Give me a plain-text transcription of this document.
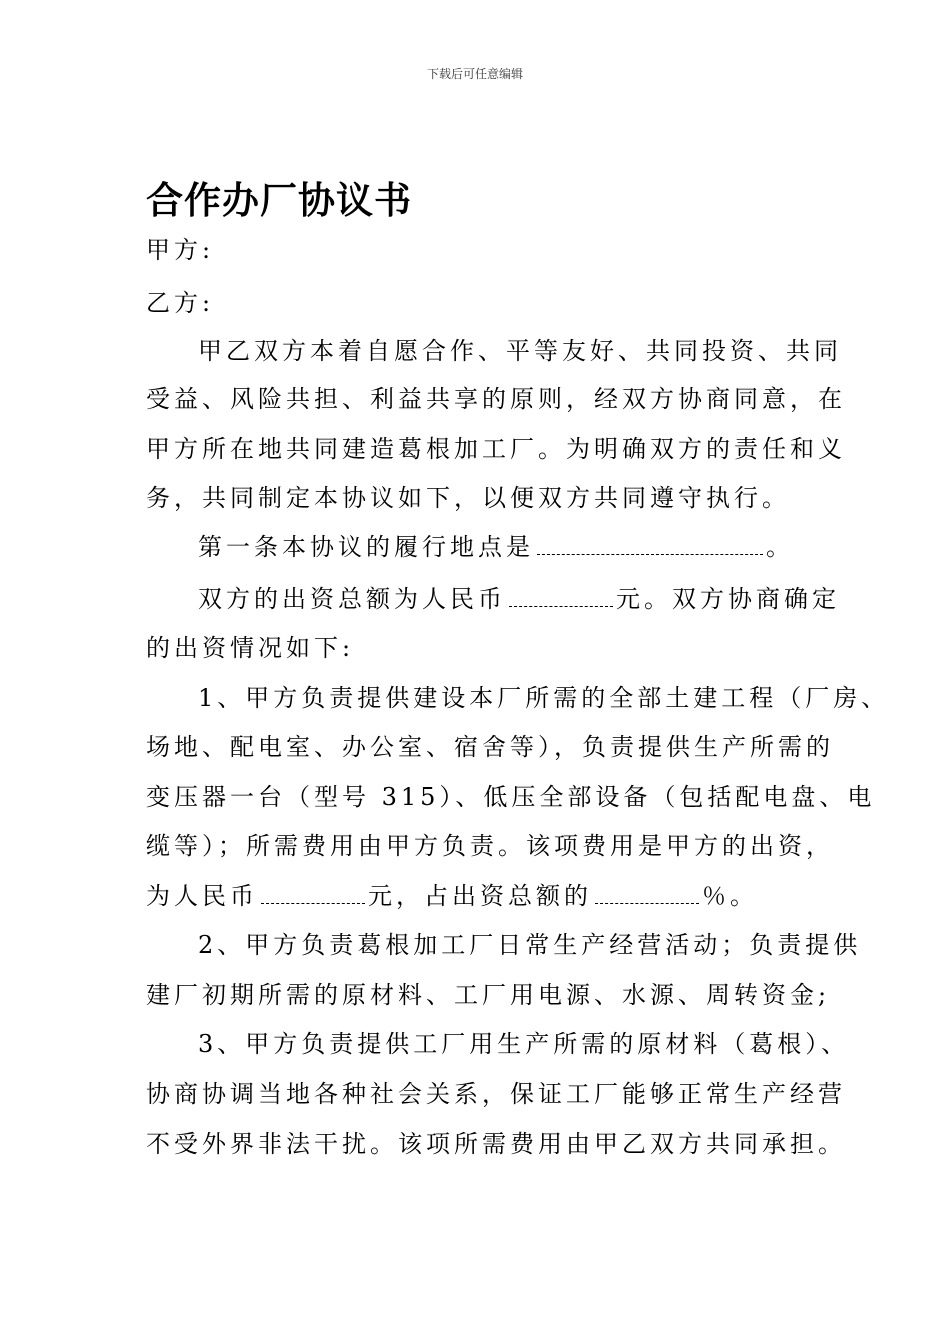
下载后可任意编辑
合作办厂协议书
甲方:
乙方:
甲乙双方本着自愿合作、平等友好、共同投资、共同
受益、风险共担、利益共享的原则，经双方协商同意，在
甲方所在地共同建造葛根加工厂。为明确双方的责任和义
务，共同制定本协议如下，以便双方共同遵守执行。
第一条本协议的履行地点是	。
双方的出资总额为人民币	元。双方协商确定
的出资情况如下:
1、甲方负责提供建设本厂所需的全部土建工程（厂房、
场地、配电室、办公室、宿舍等），负责提供生产所需的
变压器一台（型号 315）、低压全部设备（包括配电盘、电
缆等）；所需费用由甲方负责。该项费用是甲方的出资，
为人民币	元，占出资总额的	％。
2、甲方负责葛根加工厂日常生产经营活动；负责提供
建厂初期所需的原材料、工厂用电源、水源、周转资金;
3、甲方负责提供工厂用生产所需的原材料（葛根）、
协商协调当地各种社会关系，保证工厂能够正常生产经营
不受外界非法干扰。该项所需费用由甲乙双方共同承担。
